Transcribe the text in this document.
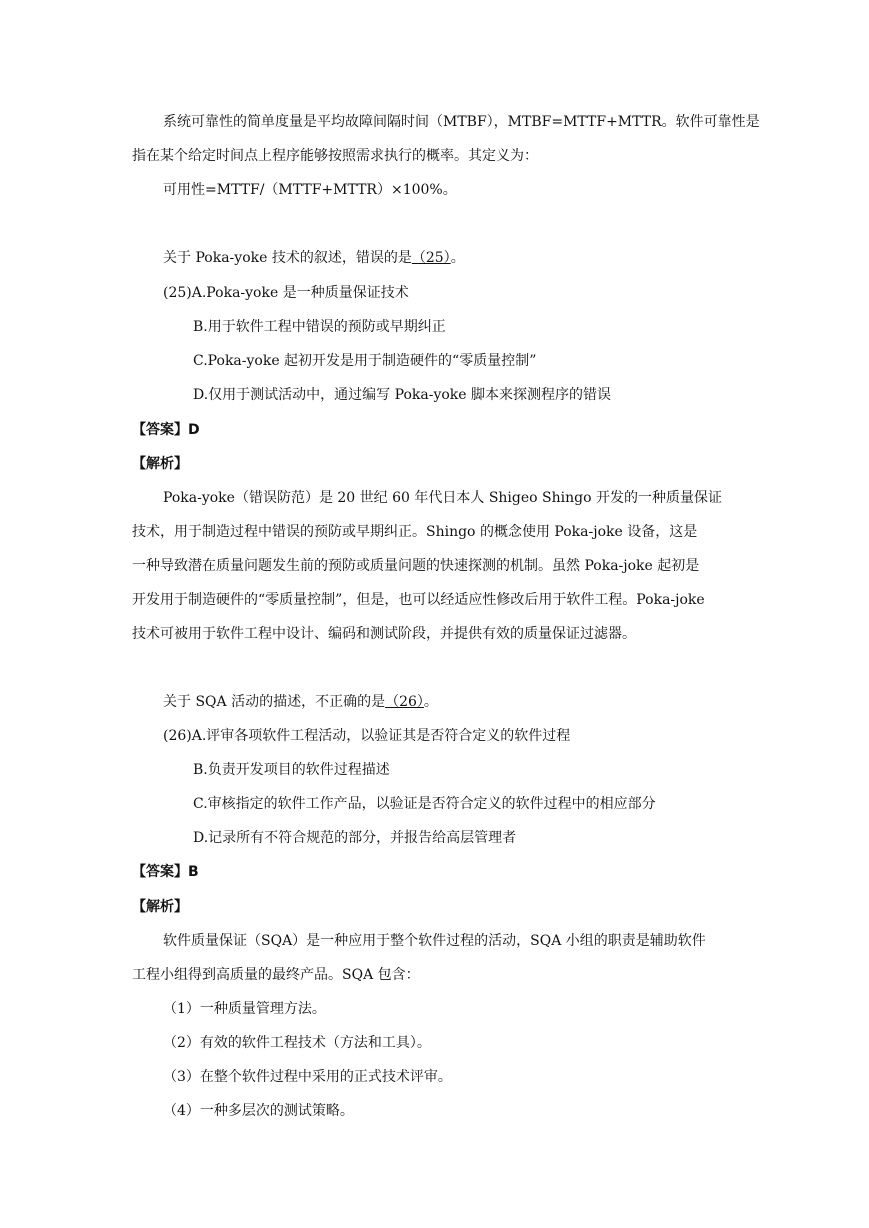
系统可靠性的简单度量是平均故障间隔时间（MTBF），MTBF=MTTF+MTTR。软件可靠性是
指在某个给定时间点上程序能够按照需求执行的概率。其定义为：
可用性=MTTF/（MTTF+MTTR）×100%。
关于 Poka-yoke 技术的叙述，错误的是（25）。
(25)A.Poka-yoke 是一种质量保证技术
B.用于软件工程中错误的预防或早期纠正
C.Poka-yoke 起初开发是用于制造硬件的“零质量控制”
D.仅用于测试活动中，通过编写 Poka-yoke 脚本来探测程序的错误
【答案】D
【解析】
Poka-yoke（错误防范）是 20 世纪 60 年代日本人 Shigeo Shingo 开发的一种质量保证
技术，用于制造过程中错误的预防或早期纠正。Shingo 的概念使用 Poka-joke 设备，这是
一种导致潜在质量问题发生前的预防或质量问题的快速探测的机制。虽然 Poka-joke 起初是
开发用于制造硬件的“零质量控制”，但是，也可以经适应性修改后用于软件工程。Poka-joke
技术可被用于软件工程中设计、编码和测试阶段，并提供有效的质量保证过滤器。
关于 SQA 活动的描述，不正确的是（26）。
(26)A.评审各项软件工程活动，以验证其是否符合定义的软件过程
B.负责开发项目的软件过程描述
C.审核指定的软件工作产品，以验证是否符合定义的软件过程中的相应部分
D.记录所有不符合规范的部分，并报告给高层管理者
【答案】B
【解析】
软件质量保证（SQA）是一种应用于整个软件过程的活动，SQA 小组的职责是辅助软件
工程小组得到高质量的最终产品。SQA 包含：
（1）一种质量管理方法。
（2）有效的软件工程技术（方法和工具）。
（3）在整个软件过程中采用的正式技术评审。
（4）一种多层次的测试策略。
